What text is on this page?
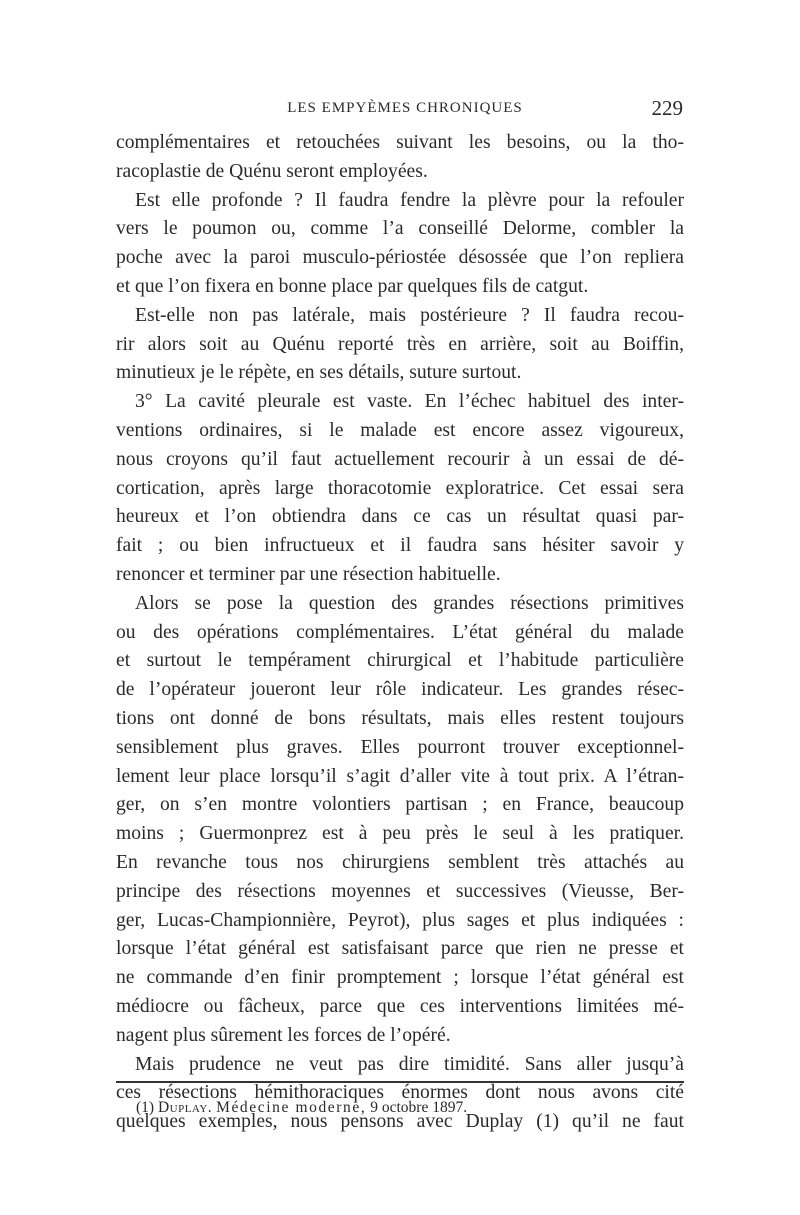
LES EMPYÈMES CHRONIQUES	229
complémentaires et retouchées suivant les besoins, ou la tho-
racoplastie de Quénu seront employées.
Est elle profonde ? Il faudra fendre la plèvre pour la refouler
vers le poumon ou, comme l’a conseillé Delorme, combler la
poche avec la paroi musculo-périostée désossée que l’on repliera
et que l’on fixera en bonne place par quelques fils de catgut.
Est-elle non pas latérale, mais postérieure ? Il faudra recou-
rir alors soit au Quénu reporté très en arrière, soit au Boiffin,
minutieux je le répète, en ses détails, suture surtout.
3° La cavité pleurale est vaste. En l’échec habituel des inter-
ventions ordinaires, si le malade est encore assez vigoureux,
nous croyons qu’il faut actuellement recourir à un essai de dé-
cortication, après large thoracotomie exploratrice. Cet essai sera
heureux et l’on obtiendra dans ce cas un résultat quasi par-
fait ; ou bien infructueux et il faudra sans hésiter savoir y
renoncer et terminer par une résection habituelle.
Alors se pose la question des grandes résections primitives
ou des opérations complémentaires. L’état général du malade
et surtout le tempérament chirurgical et l’habitude particulière
de l’opérateur joueront leur rôle indicateur. Les grandes résec-
tions ont donné de bons résultats, mais elles restent toujours
sensiblement plus graves. Elles pourront trouver exceptionnel-
lement leur place lorsqu’il s’agit d’aller vite à tout prix. A l’étran-
ger, on s’en montre volontiers partisan ; en France, beaucoup
moins ; Guermonprez est à peu près le seul à les pratiquer.
En revanche tous nos chirurgiens semblent très attachés au
principe des résections moyennes et successives (Vieusse, Ber-
ger, Lucas-Championnière, Peyrot), plus sages et plus indiquées :
lorsque l’état général est satisfaisant parce que rien ne presse et
ne commande d’en finir promptement ; lorsque l’état général est
médiocre ou fâcheux, parce que ces interventions limitées mé-
nagent plus sûrement les forces de l’opéré.
Mais prudence ne veut pas dire timidité. Sans aller jusqu’à
ces résections hémithoraciques énormes dont nous avons cité
quelques exemples, nous pensons avec Duplay (1) qu’il ne faut
(1) Duplay. Médecine moderne, 9 octobre 1897.
